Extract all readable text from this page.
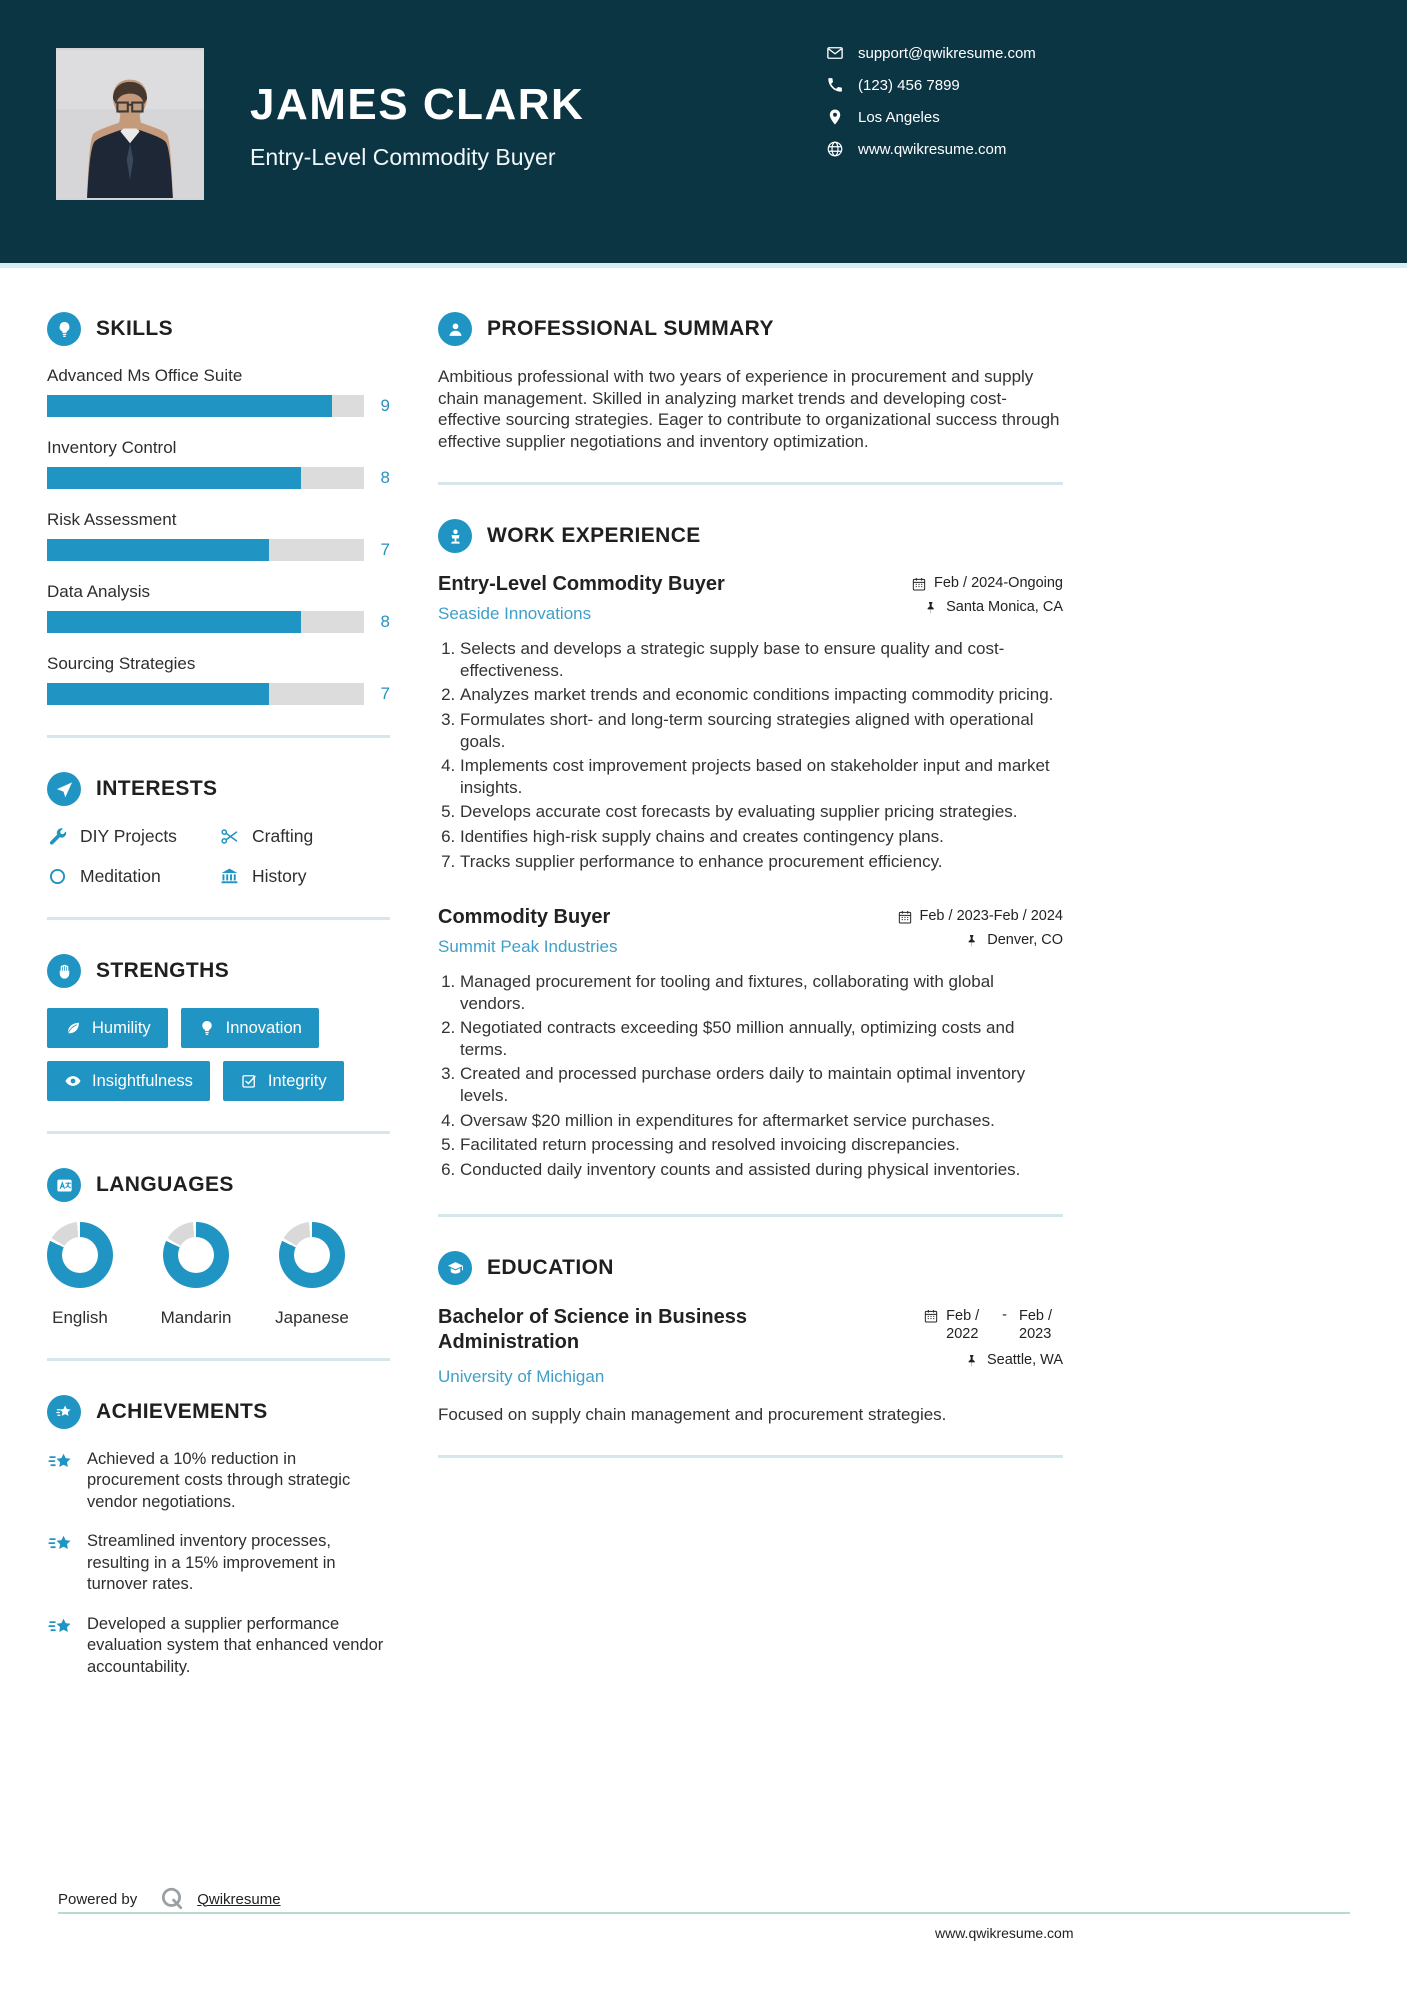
JAMES CLARK
Entry-Level Commodity Buyer
support@qwikresume.com
(123) 456 7899
Los Angeles
www.qwikresume.com
SKILLS
Advanced Ms Office Suite
9
Inventory Control
8
Risk Assessment
7
Data Analysis
8
Sourcing Strategies
7
INTERESTS
DIY Projects	Crafting
Meditation	History
STRENGTHS
Humility	Innovation
Insightfulness	Integrity
LANGUAGES
English	Mandarin	Japanese
ACHIEVEMENTS
Achieved a 10% reduction in procurement costs through strategic vendor negotiations.
Streamlined inventory processes, resulting in a 15% improvement in turnover rates.
Developed a supplier performance evaluation system that enhanced vendor accountability.
PROFESSIONAL SUMMARY

Ambitious professional with two years of experience in procurement and supply chain management. Skilled in analyzing market trends and developing cost-effective sourcing strategies. Eager to contribute to organizational success through effective supplier negotiations and inventory optimization.

WORK EXPERIENCE
Entry-Level Commodity Buyer
Seaside Innovations
Feb / 2024-Ongoing
Santa Monica, CA
1. Selects and develops a strategic supply base to ensure quality and cost-effectiveness.
2. Analyzes market trends and economic conditions impacting commodity pricing.
3. Formulates short- and long-term sourcing strategies aligned with operational goals.
4. Implements cost improvement projects based on stakeholder input and market insights.
5. Develops accurate cost forecasts by evaluating supplier pricing strategies.
6. Identifies high-risk supply chains and creates contingency plans.
7. Tracks supplier performance to enhance procurement efficiency.
Commodity Buyer
Summit Peak Industries
Feb / 2023-Feb / 2024
Denver, CO
1. Managed procurement for tooling and fixtures, collaborating with global vendors.
2. Negotiated contracts exceeding $50 million annually, optimizing costs and terms.
3. Created and processed purchase orders daily to maintain optimal inventory levels.
4. Oversaw $20 million in expenditures for aftermarket service purchases.
5. Facilitated return processing and resolved invoicing discrepancies.
6. Conducted daily inventory counts and assisted during physical inventories.
EDUCATION
Bachelor of Science in Business Administration
University of Michigan
Feb / 2022
- Feb / 2023
Seattle, WA

Focused on supply chain management and procurement strategies.

Powered by	Qwikresume
www.qwikresume.com
